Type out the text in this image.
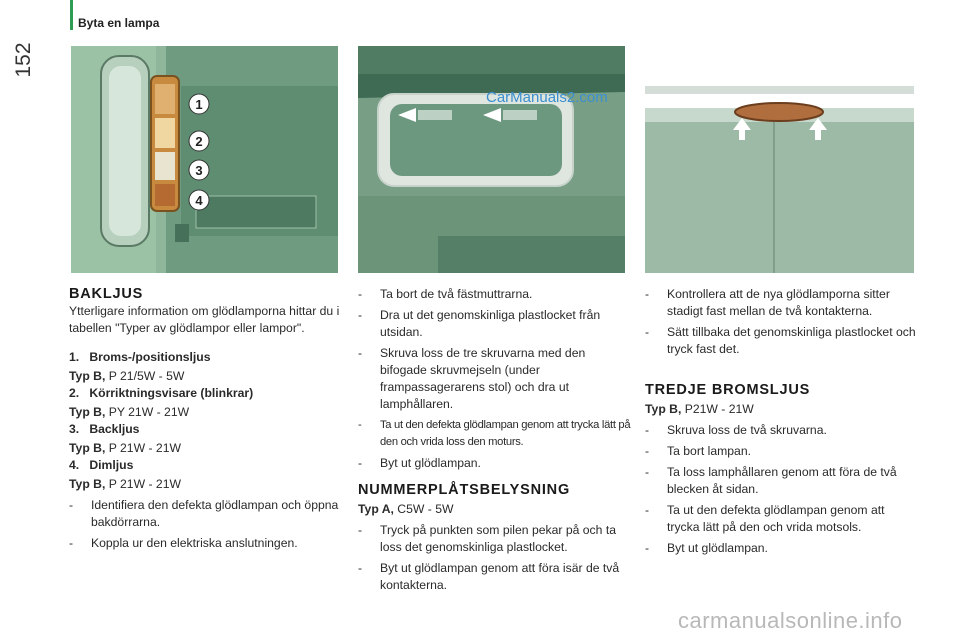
152
Byta en lampa
1
2
3
4
CarManuals2.com
BAKLJUS

Ytterligare information om glödlamporna hittar du i tabellen "Typer av glödlampor eller lampor".

1.   Broms-/positionsljus

Typ B, P 21/5W - 5W

2.   Körriktningsvisare (blinkrar)

Typ B, PY 21W - 21W

3.   Backljus

Typ B, P 21W - 21W

4.   Dimljus

Typ B, P 21W - 21W

-	Identifiera den defekta glödlampan och öppna bakdörrarna.
-	Koppla ur den elektriska anslutningen.
-	Ta bort de två fästmuttrarna.
-	Dra ut det genomskinliga plastlocket från utsidan.
-	Skruva loss de tre skruvarna med den bifogade skruvmejseln (under frampassagerarens stol) och dra ut lamphållaren.
-	Ta ut den defekta glödlampan genom att trycka lätt på den och vrida loss den moturs.
-	Byt ut glödlampan.
NUMMERPLÅTSBELYSNING

Typ A, C5W - 5W

-	Tryck på punkten som pilen pekar på och ta loss det genomskinliga plastlocket.
-	Byt ut glödlampan genom att föra isär de två kontakterna.
-	Kontrollera att de nya glödlamporna sitter stadigt fast mellan de två kontakterna.
-	Sätt tillbaka det genomskinliga plastlocket och tryck fast det.
TREDJE BROMSLJUS

Typ B, P21W - 21W

-	Skruva loss de två skruvarna.
-	Ta bort lampan.
-	Ta loss lamphållaren genom att föra de två blecken åt sidan.
-	Ta ut den defekta glödlampan genom att trycka lätt på den och vrida motsols.
-	Byt ut glödlampan.
carmanualsonline.info
